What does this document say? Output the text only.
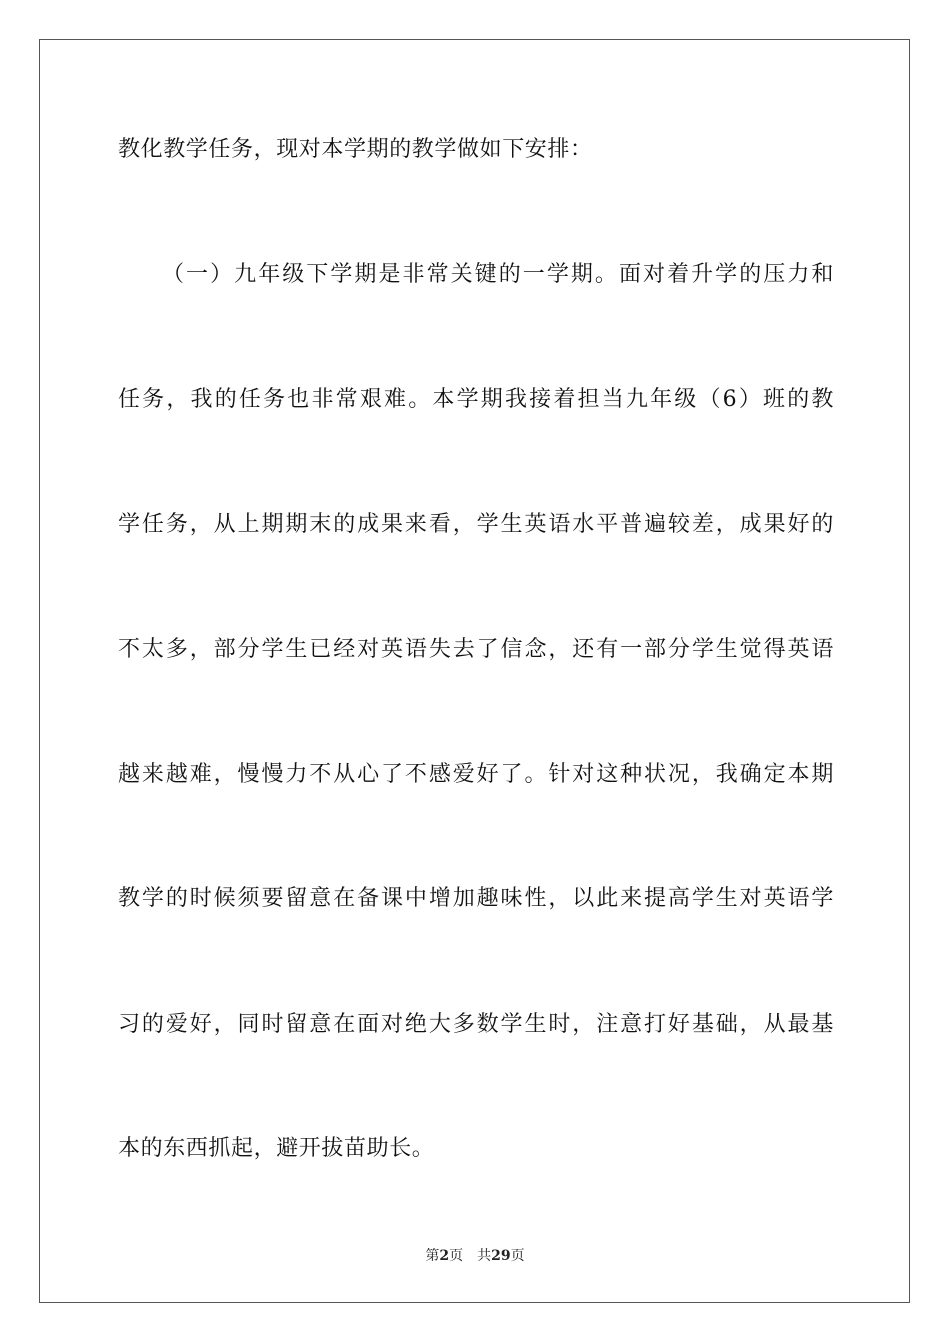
教化教学任务，现对本学期的教学做如下安排：

（一）九年级下学期是非常关键的一学期。面对着升学的压力和

任务，我的任务也非常艰难。本学期我接着担当九年级（6）班的教

学任务，从上期期末的成果来看，学生英语水平普遍较差，成果好的

不太多，部分学生已经对英语失去了信念，还有一部分学生觉得英语

越来越难，慢慢力不从心了不感爱好了。针对这种状况，我确定本期

教学的时候须要留意在备课中增加趣味性，以此来提高学生对英语学

习的爱好，同时留意在面对绝大多数学生时，注意打好基础，从最基

本的东西抓起，避开拔苗助长。

第2页 共29页
